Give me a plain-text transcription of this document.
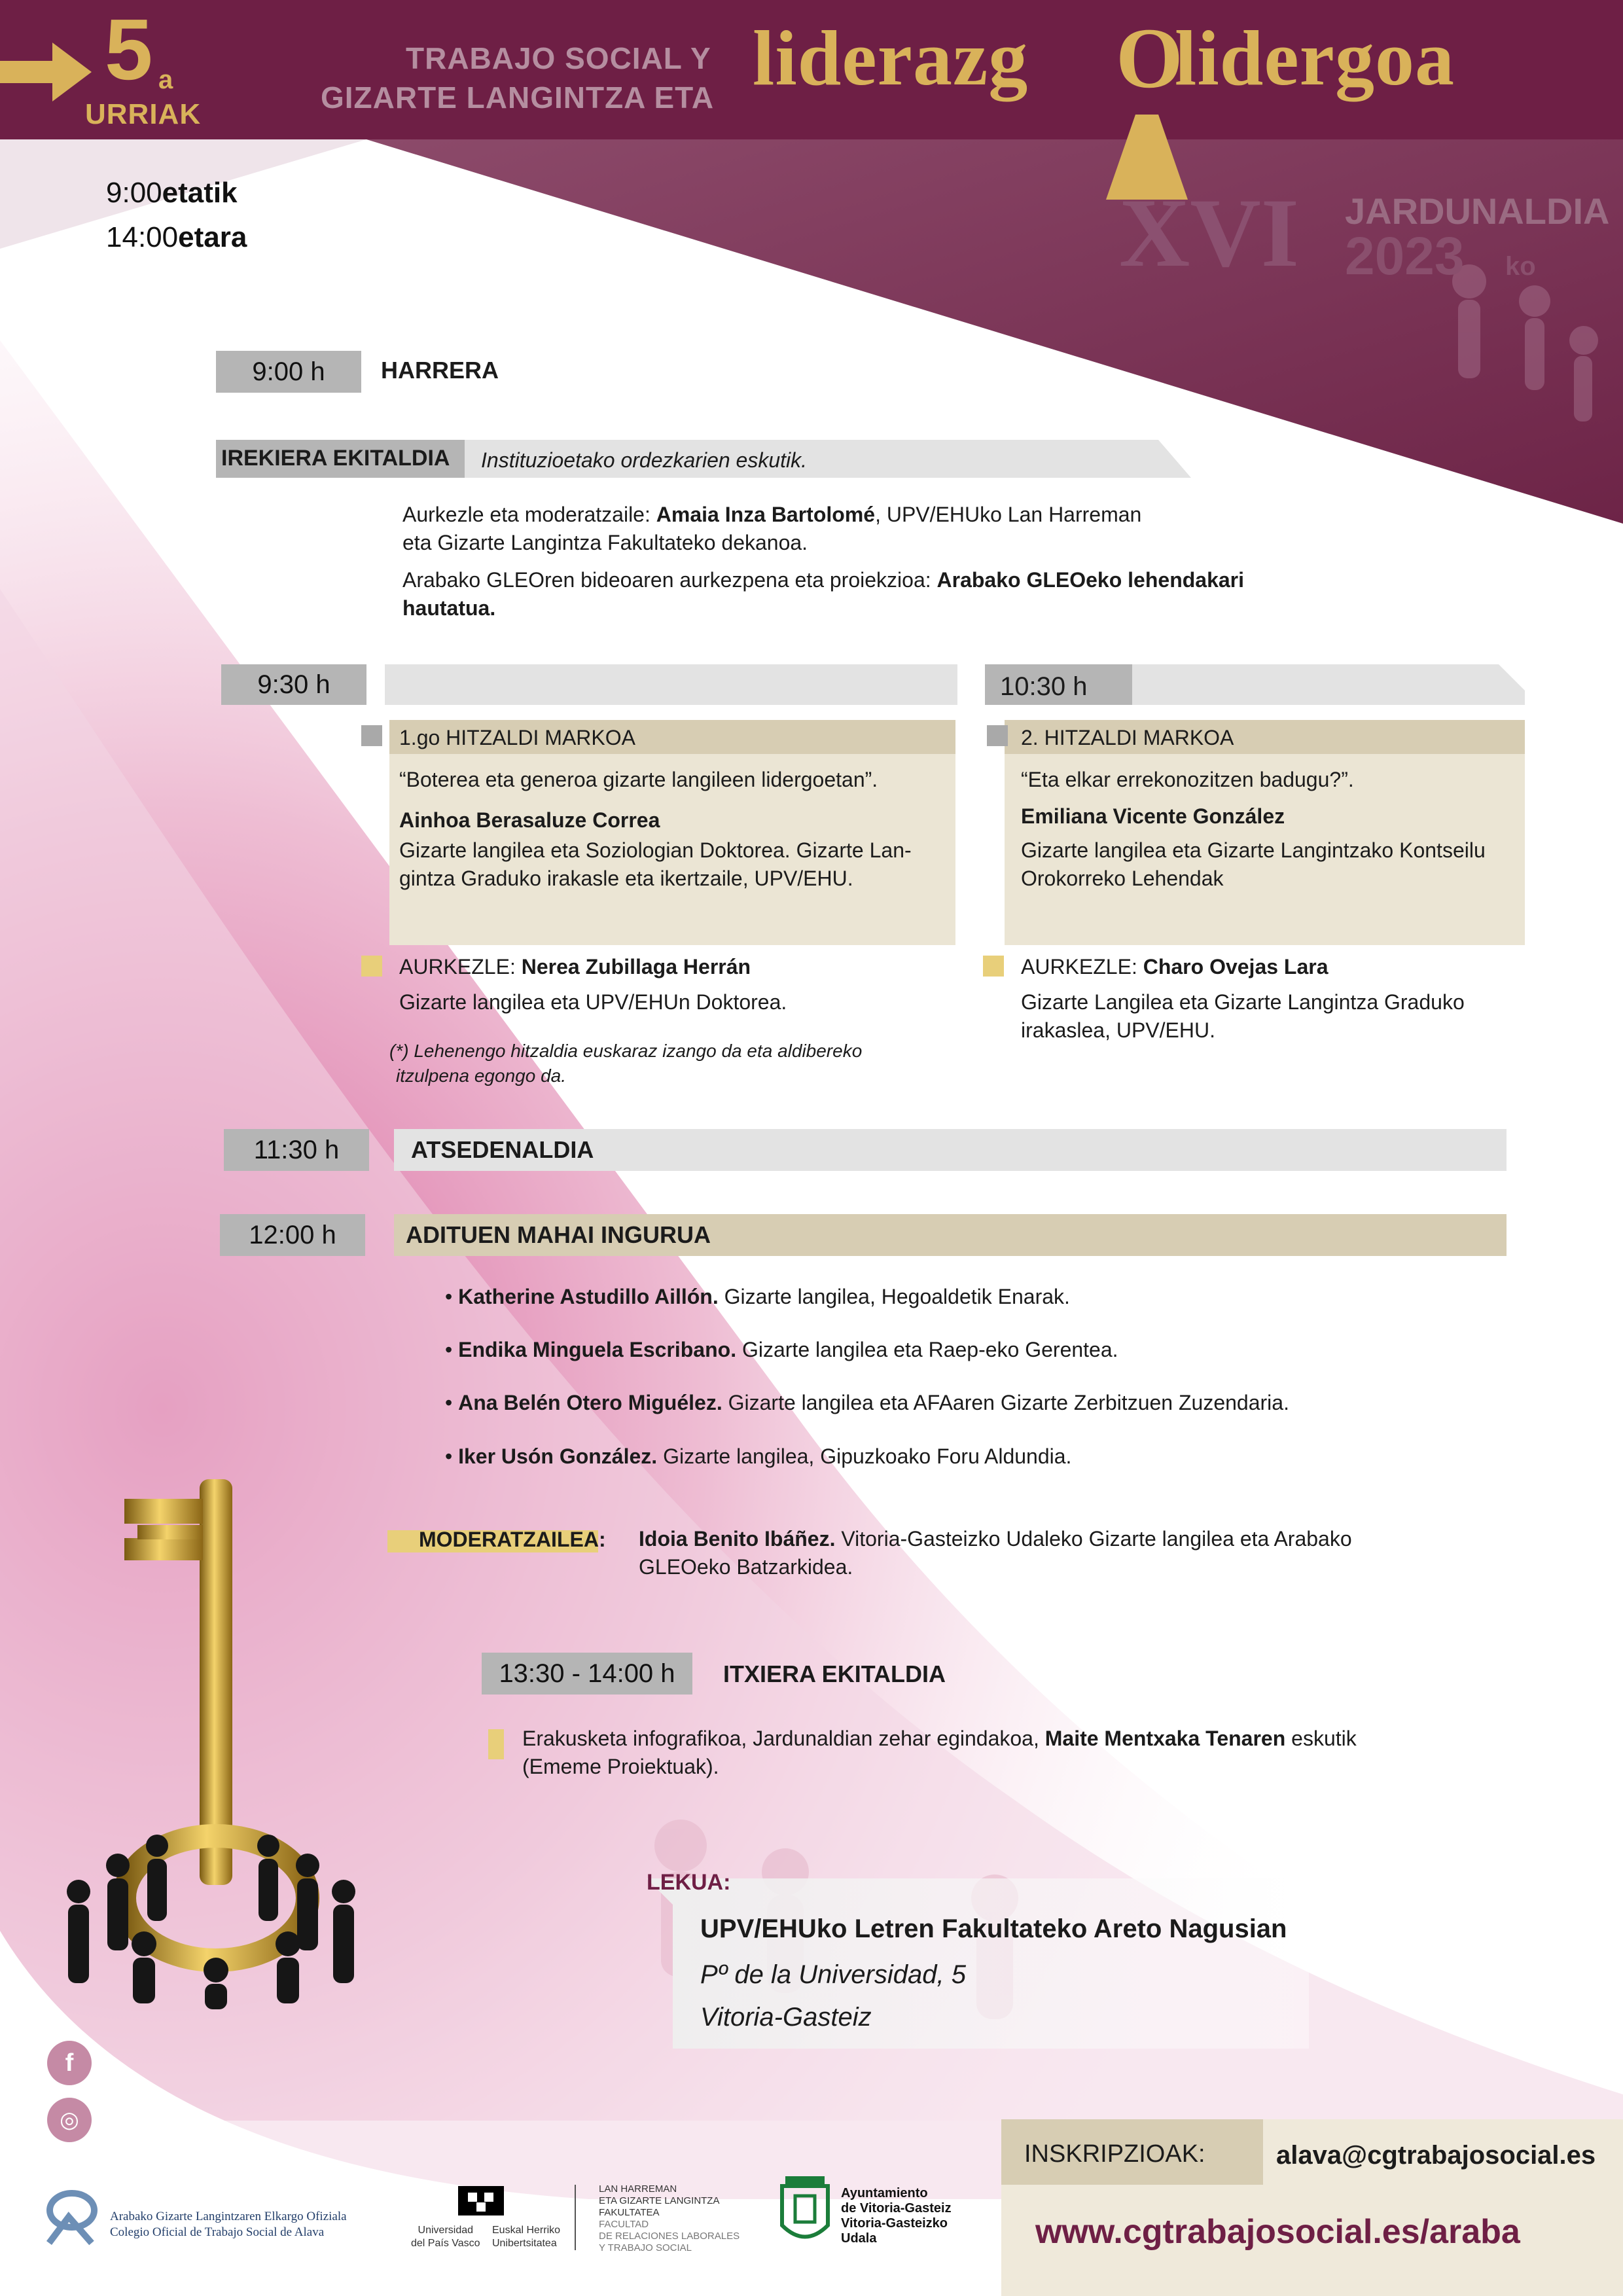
5 a
URRIAK
TRABAJO SOCIAL Y
GIZARTE LANGINTZA ETA liderazg O
lidergoa
9:00etatik
14:00etara	XVI JARDUNALDIA
2023 ko
9:00 h	HARRERA
IREKIERA EKITALDIA Instituzioetako ordezkarien eskutik.
Aurkezle eta moderatzaile: Amaia Inza Bartolomé, UPV/EHUko Lan Harreman
eta Gizarte Langintza Fakultateko dekanoa.
Arabako GLEOren bideoaren aurkezpena eta proiekzioa: Arabako GLEOeko lehendakari
hautatua.
9:30 h
1.go HITZALDI MARKOA
“Boterea eta generoa gizarte langileen lidergoetan”.
Ainhoa Berasaluze Correa
Gizarte langilea eta Soziologian Doktorea. Gizarte Lan-
gintza Graduko irakasle eta ikertzaile, UPV/EHU.
AURKEZLE: Nerea Zubillaga Herrán
Gizarte langilea eta UPV/EHUn Doktorea.
(*) Lehenengo hitzaldia euskaraz izango da eta aldibereko
itzulpena egongo da.
10:30 h
2. HITZALDI MARKOA
“Eta elkar errekonozitzen badugu?”.
Emiliana Vicente González
Gizarte langilea eta Gizarte Langintzako Kontseilu
Orokorreko Lehendak
AURKEZLE: Charo Ovejas Lara
Gizarte Langilea eta Gizarte Langintza Graduko
irakaslea, UPV/EHU.
11:30 h	ATSEDENALDIA
12:00 h	ADITUEN MAHAI INGURUA
• Katherine Astudillo Aillón. Gizarte langilea, Hegoaldetik Enarak.
• Endika Minguela Escribano. Gizarte langilea eta Raep-eko Gerentea.
• Ana Belén Otero Miguélez. Gizarte langilea eta AFAaren Gizarte Zerbitzuen Zuzendaria.
• Iker Usón González. Gizarte langilea, Gipuzkoako Foru Aldundia.
MODERATZAILEA: Idoia Benito Ibáñez. Vitoria-Gasteizko Udaleko Gizarte langilea eta Arabako
GLEOeko Batzarkidea.
13:30 - 14:00 h	ITXIERA EKITALDIA
Erakusketa infografikoa, Jardunaldian zehar egindakoa, Maite Mentxaka Tenaren eskutik
(Ememe Proiektuak).
LEKUA:
UPV/EHUko Letren Fakultateko Areto Nagusian
Pº de la Universidad, 5
Vitoria-Gasteiz
f
◎
INSKRIPZIOAK:	alava@cgtrabajosocial.es
www.cgtrabajosocial.es/araba
Arabako Gizarte Langintzaren Elkargo Ofiziala
Colegio Oficial de Trabajo Social de Alava	Universidad
del País Vasco
Euskal Herriko
Unibertsitatea
LAN HARREMAN
ETA GIZARTE LANGINTZA
FAKULTATEA
FACULTAD
DE RELACIONES LABORALES
Y TRABAJO SOCIAL
Ayuntamiento
de Vitoria-Gasteiz
Vitoria-Gasteizko
Udala
